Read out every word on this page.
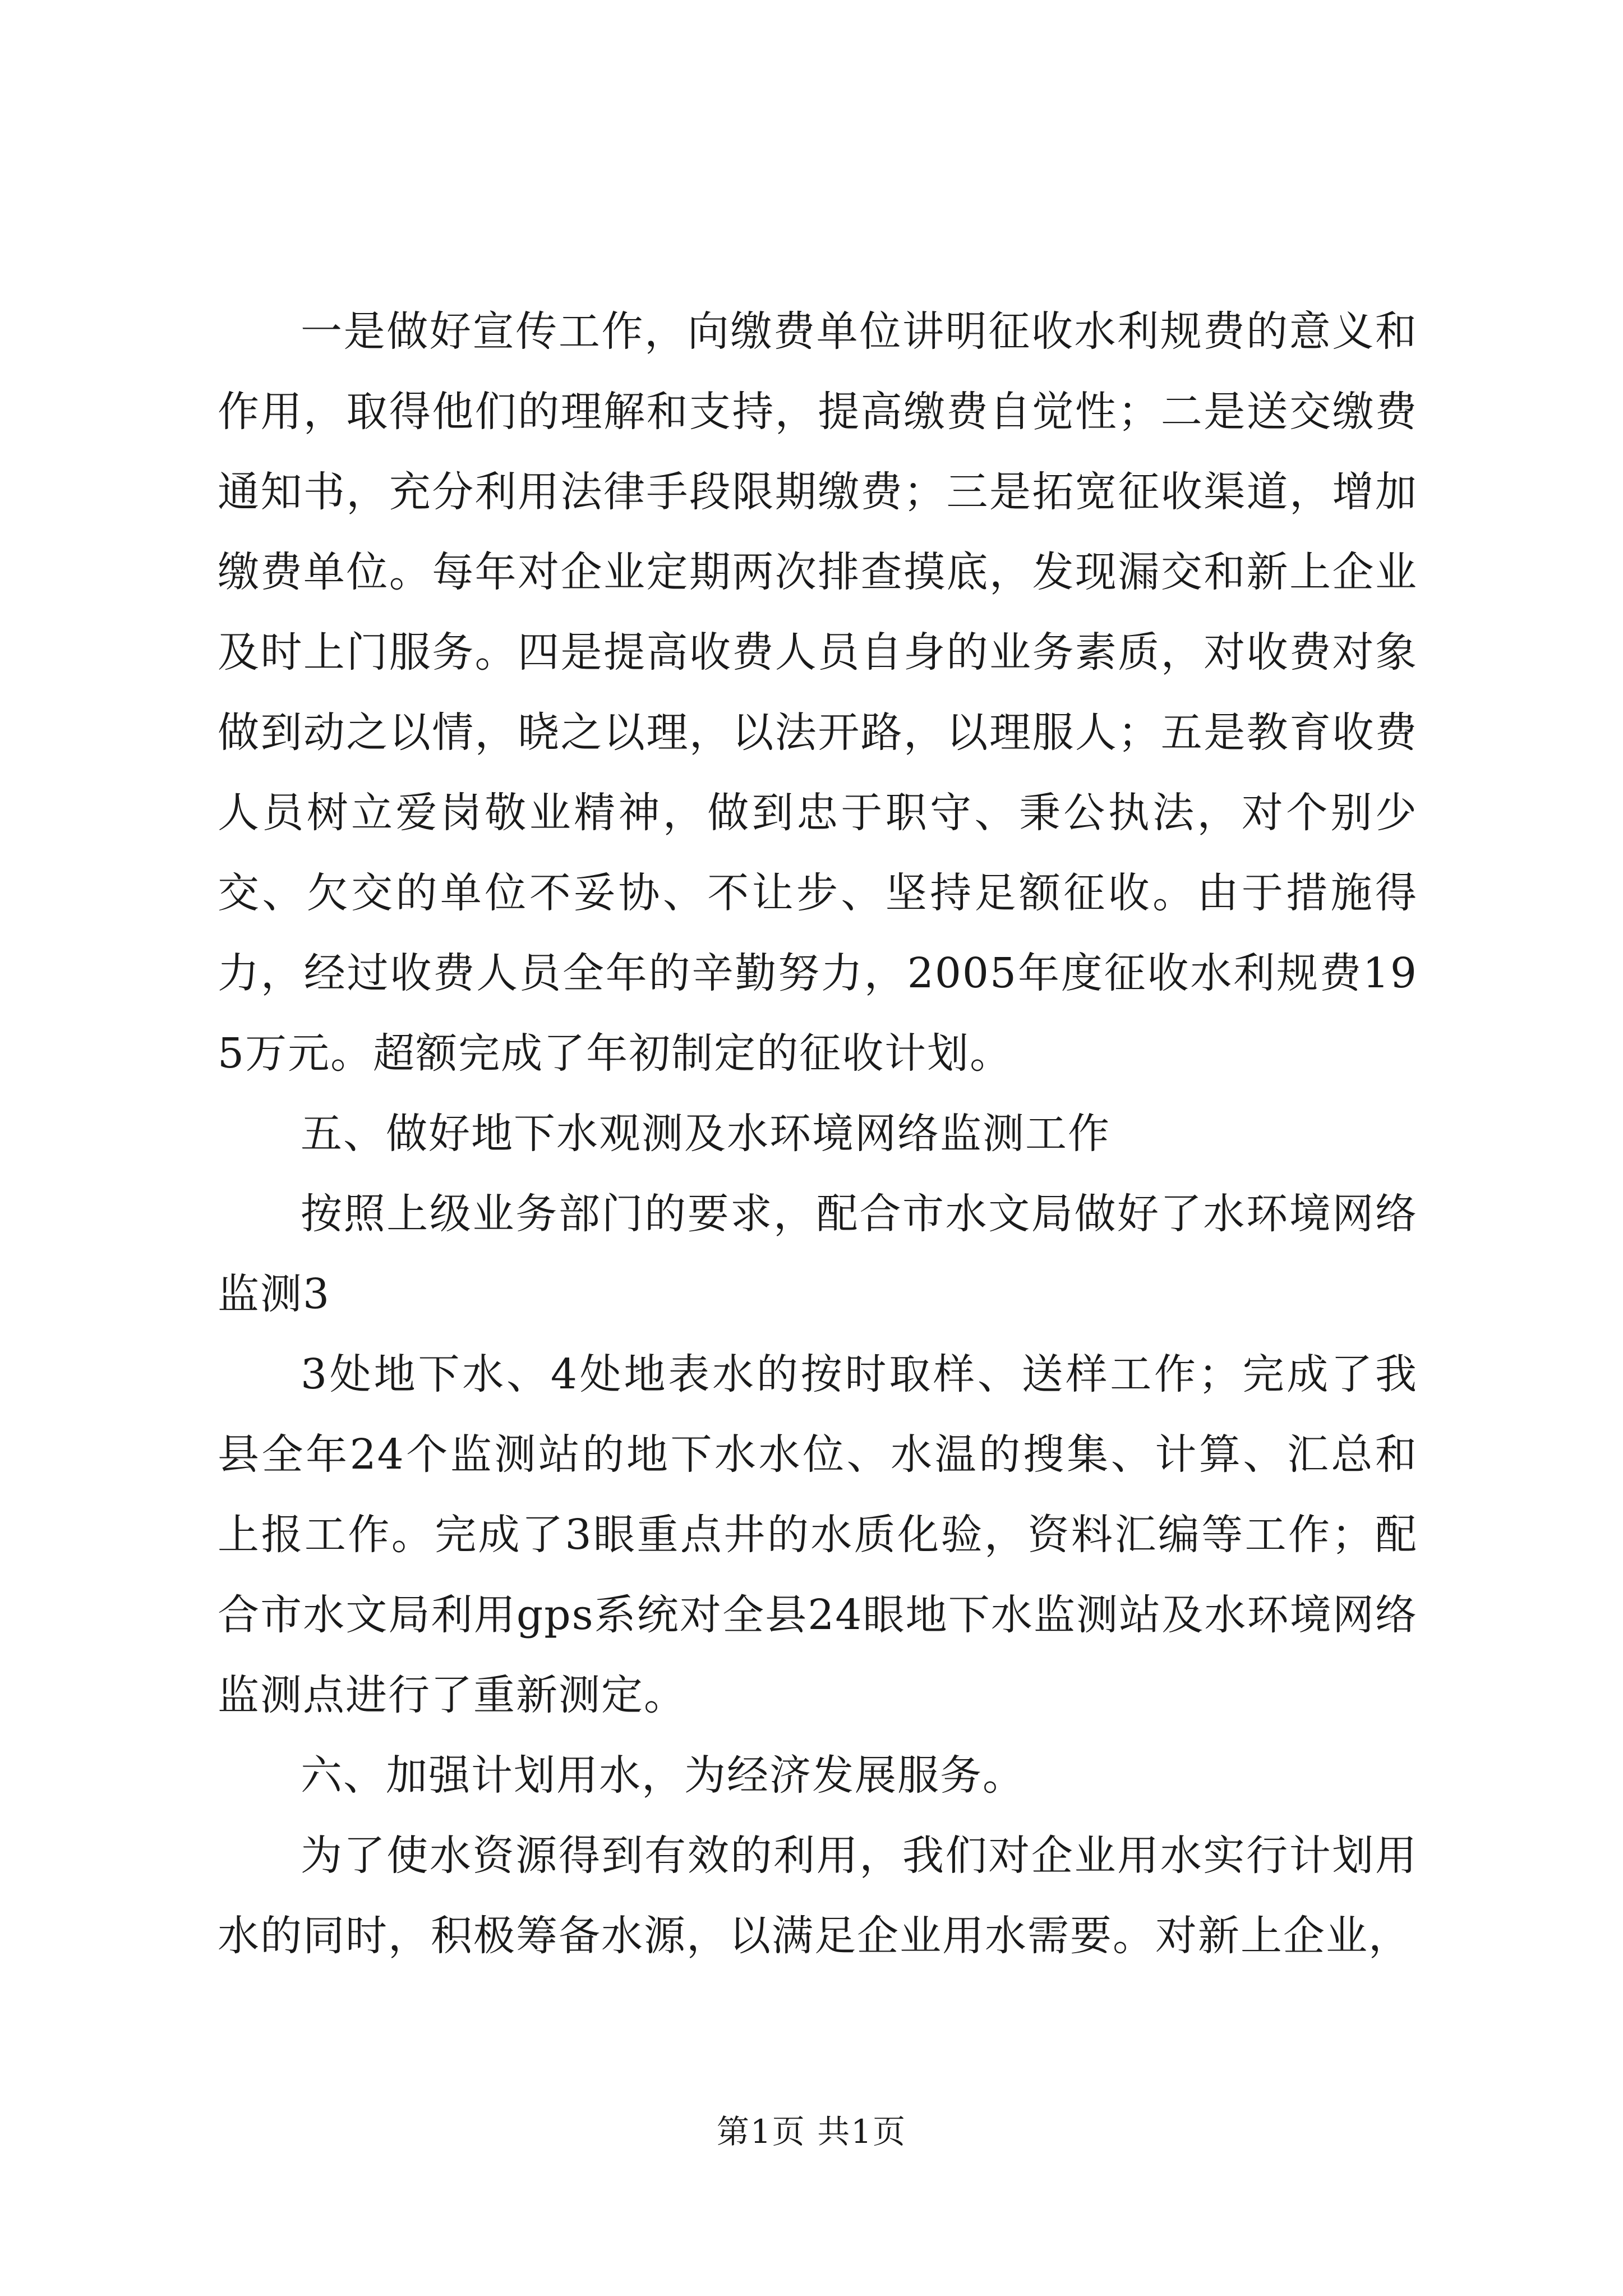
一是做好宣传工作，向缴费单位讲明征收水利规费的意义和作用，取得他们的理解和支持，提高缴费自觉性；二是送交缴费通知书，充分利用法律手段限期缴费；三是拓宽征收渠道，增加缴费单位。每年对企业定期两次排查摸底，发现漏交和新上企业及时上门服务。四是提高收费人员自身的业务素质，对收费对象做到动之以情，晓之以理，以法开路，以理服人；五是教育收费人员树立爱岗敬业精神，做到忠于职守、秉公执法，对个别少交、欠交的单位不妥协、不让步、坚持足额征收。由于措施得力，经过收费人员全年的辛勤努力，2005年度征收水利规费195万元。超额完成了年初制定的征收计划。

五、做好地下水观测及水环境网络监测工作

按照上级业务部门的要求，配合市水文局做好了水环境网络监测3

3处地下水、4处地表水的按时取样、送样工作；完成了我县全年24个监测站的地下水水位、水温的搜集、计算、汇总和上报工作。完成了3眼重点井的水质化验，资料汇编等工作；配合市水文局利用gps系统对全县24眼地下水监测站及水环境网络监测点进行了重新测定。

六、加强计划用水，为经济发展服务。

为了使水资源得到有效的利用，我们对企业用水实行计划用水的同时，积极筹备水源，以满足企业用水需要。对新上企业，

第1页 共1页
